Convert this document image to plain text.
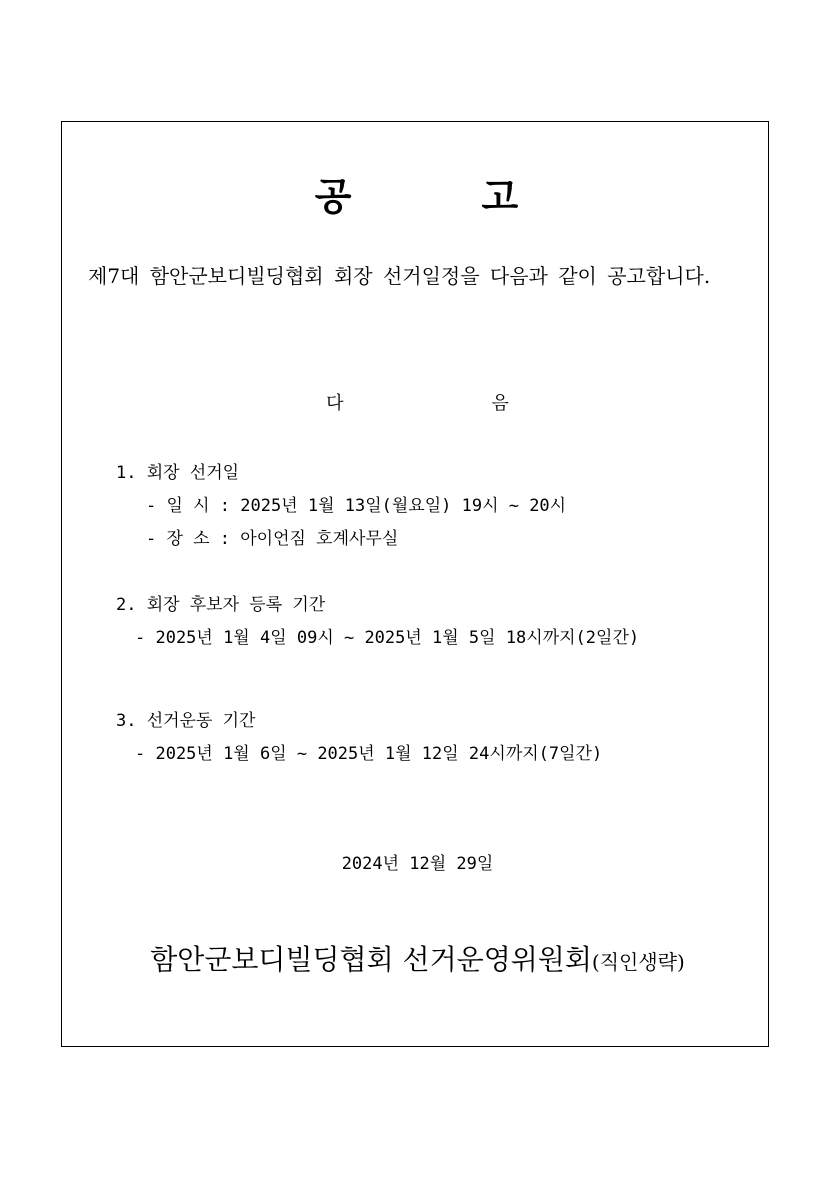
공	고
제7대 함안군보디빌딩협회 회장 선거일정을 다음과 같이 공고합니다.
다	음
1. 회장 선거일
- 일 시 : 2025년 1월 13일(월요일) 19시 ~ 20시
- 장 소 : 아이언짐 호계사무실
2. 회장 후보자 등록 기간
- 2025년 1월 4일 09시 ~ 2025년 1월 5일 18시까지(2일간)
3. 선거운동 기간
- 2025년 1월 6일 ~ 2025년 1월 12일 24시까지(7일간)
2024년 12월 29일
함안군보디빌딩협회 선거운영위원회(직인생략)
